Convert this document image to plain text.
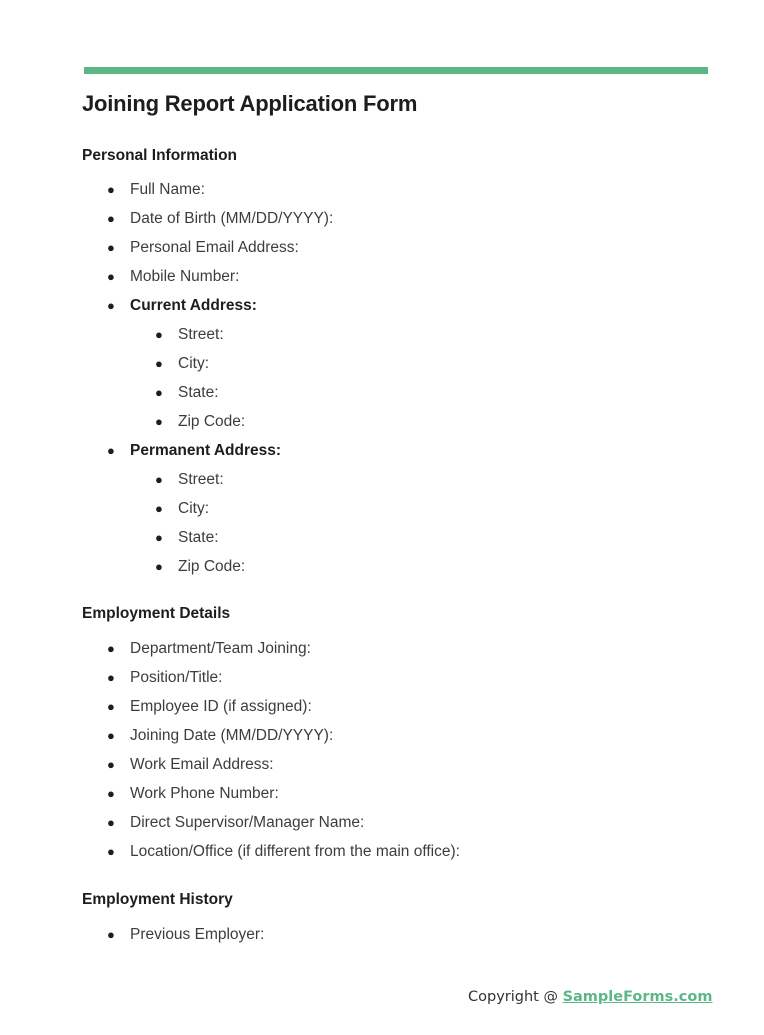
Joining Report Application Form
Personal Information
● Full Name:
● Date of Birth (MM/DD/YYYY):
● Personal Email Address:
● Mobile Number:
● Current Address:
● Street:
● City:
● State:
● Zip Code:
● Permanent Address:
● Street:
● City:
● State:
● Zip Code:
Employment Details
● Department/Team Joining:
● Position/Title:
● Employee ID (if assigned):
● Joining Date (MM/DD/YYYY):
● Work Email Address:
● Work Phone Number:
● Direct Supervisor/Manager Name:
● Location/Office (if different from the main office):
Employment History
● Previous Employer:
Copyright @ SampleForms.com
